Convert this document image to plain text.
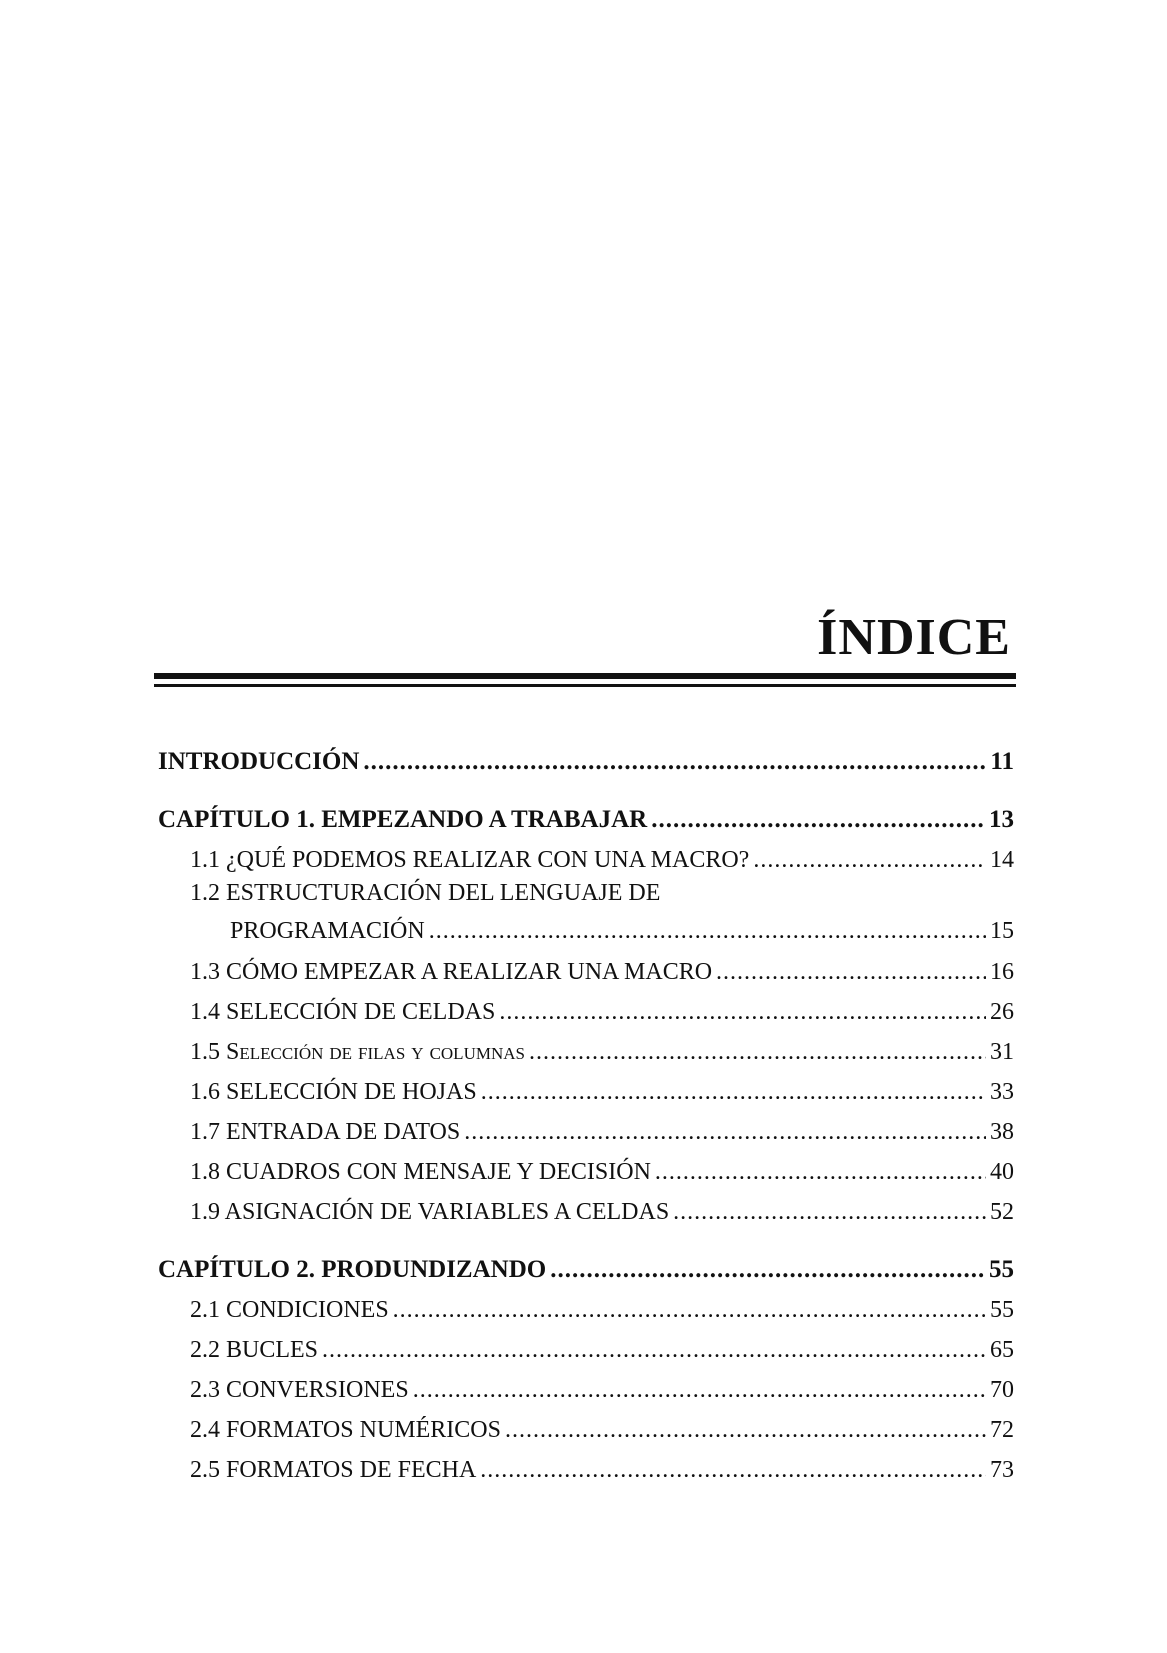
ÍNDICE
INTRODUCCIÓN .....	11
CAPÍTULO 1. EMPEZANDO A TRABAJAR .....	13
1.1 ¿QUÉ PODEMOS REALIZAR CON UNA MACRO? .....	14
1.2 ESTRUCTURACIÓN DEL LENGUAJE DE
PROGRAMACIÓN .....	15
1.3 CÓMO EMPEZAR A REALIZAR UNA MACRO .....	16
1.4 SELECCIÓN DE CELDAS .....	26
1.5 Selección de filas y columnas .....	31
1.6 SELECCIÓN DE HOJAS .....	33
1.7 ENTRADA DE DATOS .....	38
1.8 CUADROS CON MENSAJE Y DECISIÓN .....	40
1.9 ASIGNACIÓN DE VARIABLES A CELDAS .....	52
CAPÍTULO 2. PRODUNDIZANDO .....	55
2.1 CONDICIONES .....	55
2.2 BUCLES .....	65
2.3 CONVERSIONES .....	70
2.4 FORMATOS NUMÉRICOS .....	72
2.5 FORMATOS DE FECHA .....	73
